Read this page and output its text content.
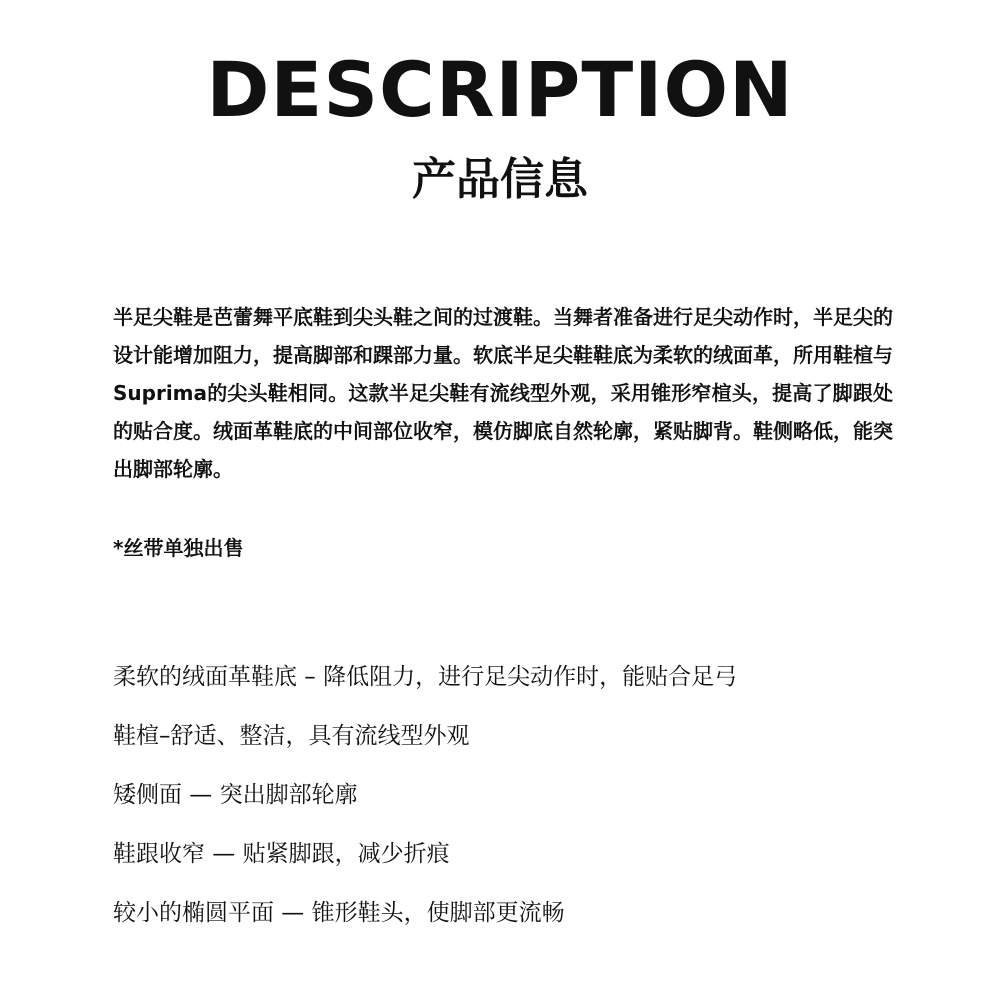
DESCRIPTION
产品信息

半足尖鞋是芭蕾舞平底鞋到尖头鞋之间的过渡鞋。当舞者准备进行足尖动作时，半足尖的设计能增加阻力，提高脚部和踝部力量。软底半足尖鞋鞋底为柔软的绒面革，所用鞋楦与Suprima的尖头鞋相同。这款半足尖鞋有流线型外观，采用锥形窄楦头，提高了脚跟处的贴合度。绒面革鞋底的中间部位收窄，模仿脚底自然轮廓，紧贴脚背。鞋侧略低，能突出脚部轮廓。

*丝带单独出售

柔软的绒面革鞋底 – 降低阻力，进行足尖动作时，能贴合足弓
鞋楦–舒适、整洁，具有流线型外观
矮侧面 — 突出脚部轮廓
鞋跟收窄 — 贴紧脚跟，减少折痕
较小的椭圆平面 — 锥形鞋头，使脚部更流畅
